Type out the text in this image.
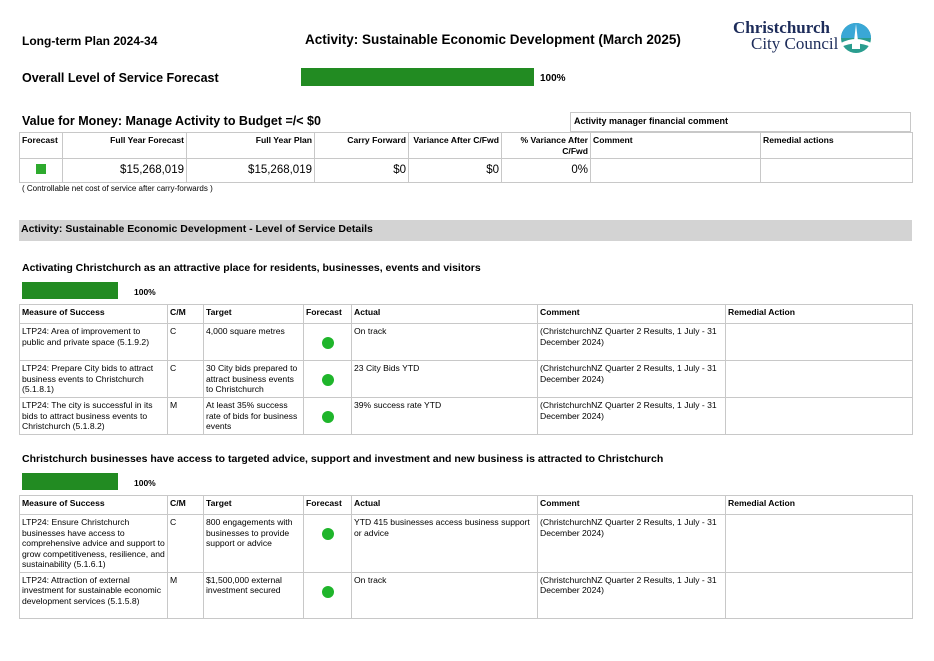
Long-term Plan 2024-34	Activity: Sustainable Economic Development (March 2025)
Christchurch
City Council
Overall Level of Service Forecast	100%
Value for Money: Manage Activity to Budget =/< $0	Activity manager financial comment
Forecast	Full Year Forecast	Full Year Plan	Carry Forward	Variance After C/Fwd	% Variance After C/Fwd	Comment	Remedial actions
	$15,268,019	$15,268,019	$0	$0	0%		
( Controllable net cost of service after carry-forwards )
Activity: Sustainable Economic Development - Level of Service Details
Activating Christchurch as an attractive place for residents, businesses, events and visitors
100%
Measure of Success	C/M	Target	Forecast	Actual	Comment	Remedial Action
LTP24: Area of improvement to public and private space (5.1.9.2)	C	4,000 square metres		On track	(ChristchurchNZ Quarter 2 Results, 1 July - 31 December 2024)	
LTP24: Prepare City bids to attract business events to Christchurch (5.1.8.1)	C	30 City bids prepared to attract business events to Christchurch		23 City Bids YTD	(ChristchurchNZ Quarter 2 Results, 1 July - 31 December 2024)	
LTP24: The city is successful in its bids to attract business events to Christchurch (5.1.8.2)	M	At least 35% success rate of bids for business events		39% success rate YTD	(ChristchurchNZ Quarter 2 Results, 1 July - 31 December 2024)	
Christchurch businesses have access to targeted advice, support and investment and new business is attracted to Christchurch
100%
Measure of Success	C/M	Target	Forecast	Actual	Comment	Remedial Action
LTP24: Ensure Christchurch businesses have access to comprehensive advice and support to grow competitiveness, resilience, and sustainability (5.1.6.1)	C	800 engagements with businesses to provide support or advice		YTD 415 businesses access business support or advice	(ChristchurchNZ Quarter 2 Results, 1 July - 31 December 2024)	
LTP24: Attraction of external investment for sustainable economic development services (5.1.5.8)	M	$1,500,000 external investment secured		On track	(ChristchurchNZ Quarter 2 Results, 1 July - 31 December 2024)	
